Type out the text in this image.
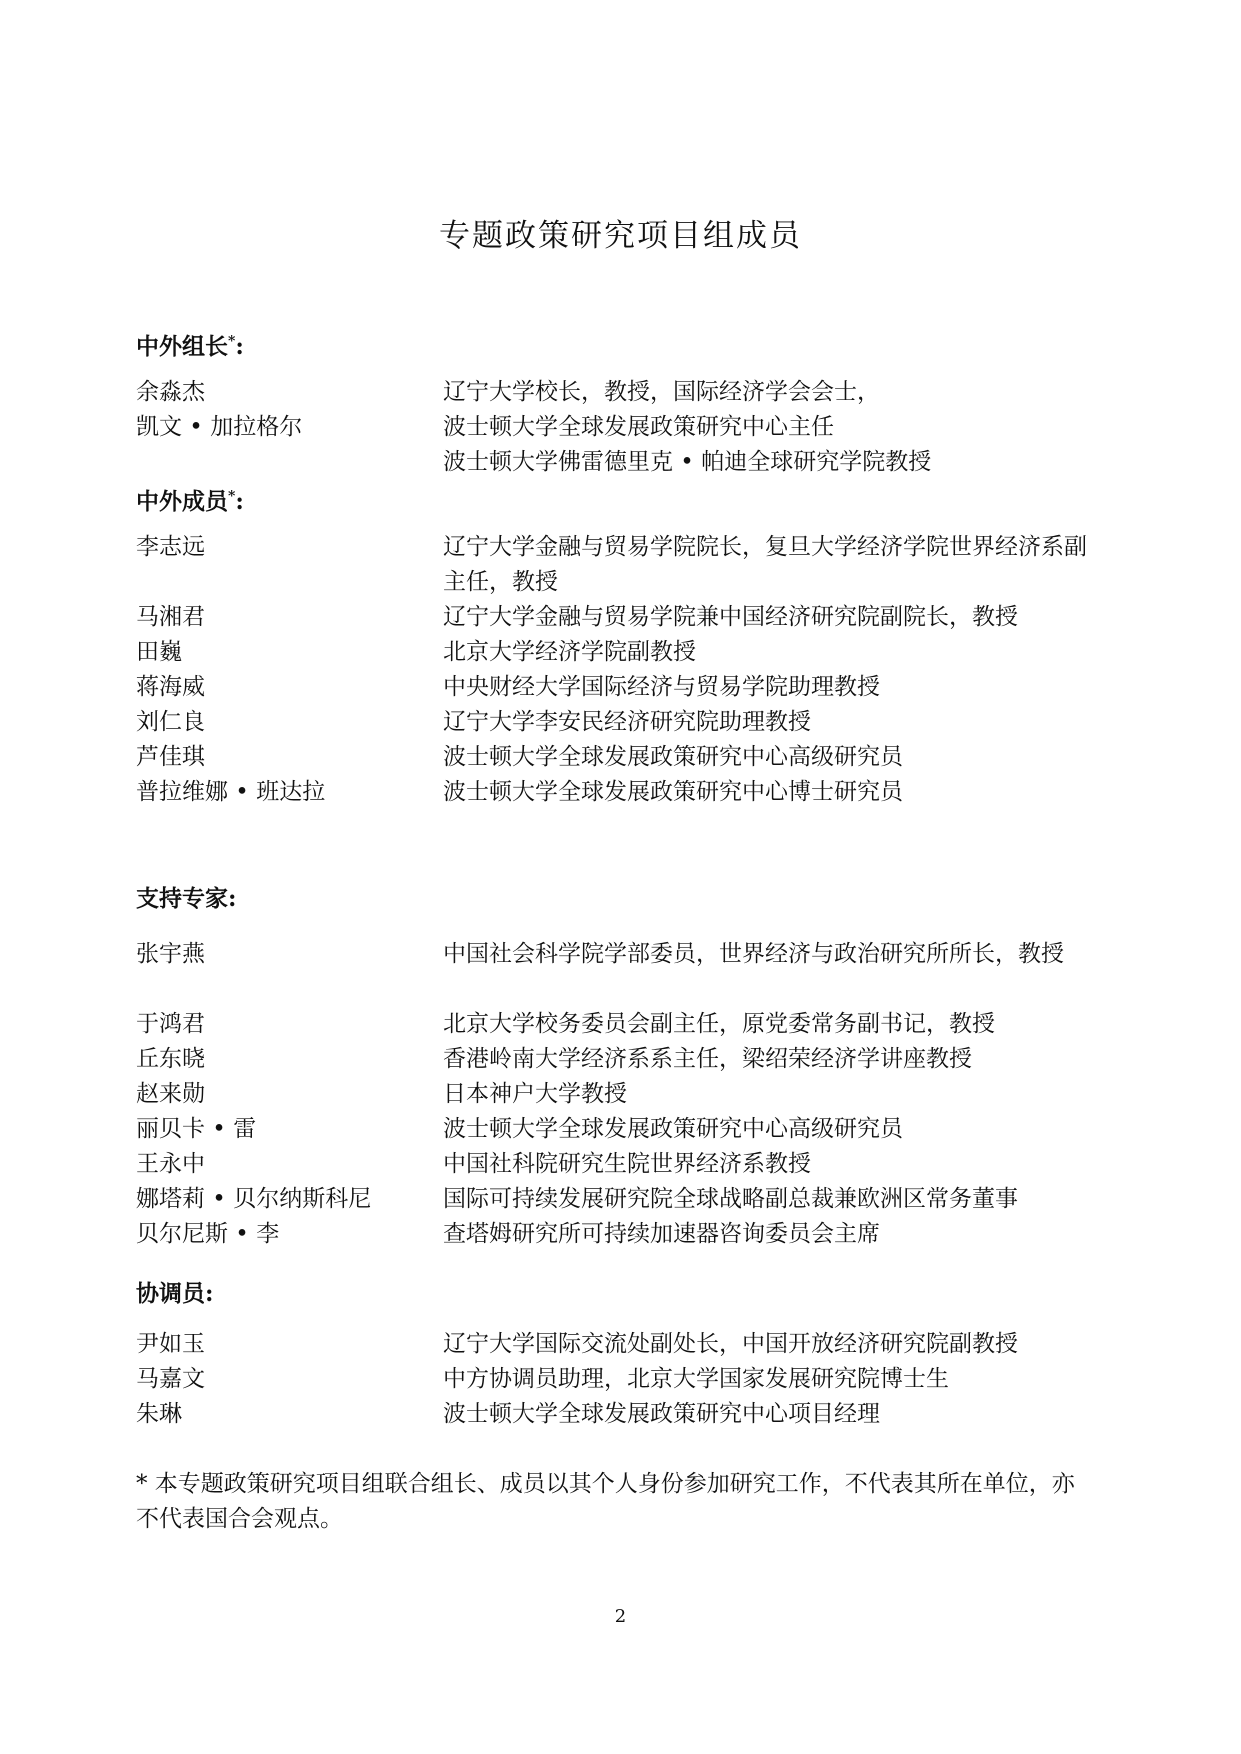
专题政策研究项目组成员
中外组长*:
余淼杰	辽宁大学校长，教授，国际经济学会会士，
凯文 • 加拉格尔	波士顿大学全球发展政策研究中心主任
波士顿大学佛雷德里克 • 帕迪全球研究学院教授
中外成员*:
李志远	辽宁大学金融与贸易学院院长，复旦大学经济学院世界经济系副主任，教授
马湘君	辽宁大学金融与贸易学院兼中国经济研究院副院长，教授
田巍	北京大学经济学院副教授
蒋海威	中央财经大学国际经济与贸易学院助理教授
刘仁良	辽宁大学李安民经济研究院助理教授
芦佳琪	波士顿大学全球发展政策研究中心高级研究员
普拉维娜 • 班达拉	波士顿大学全球发展政策研究中心博士研究员
支持专家:
张宇燕	中国社会科学院学部委员，世界经济与政治研究所所长，教授
于鸿君	北京大学校务委员会副主任，原党委常务副书记，教授
丘东晓	香港岭南大学经济系系主任，梁绍荣经济学讲座教授
赵来勋	日本神户大学教授
丽贝卡 • 雷	波士顿大学全球发展政策研究中心高级研究员
王永中	中国社科院研究生院世界经济系教授
娜塔莉 • 贝尔纳斯科尼	国际可持续发展研究院全球战略副总裁兼欧洲区常务董事
贝尔尼斯 • 李	查塔姆研究所可持续加速器咨询委员会主席
协调员:
尹如玉	辽宁大学国际交流处副处长，中国开放经济研究院副教授
马嘉文	中方协调员助理，北京大学国家发展研究院博士生
朱琳	波士顿大学全球发展政策研究中心项目经理
* 本专题政策研究项目组联合组长、成员以其个人身份参加研究工作，不代表其所在单位，亦不代表国合会观点。
2
